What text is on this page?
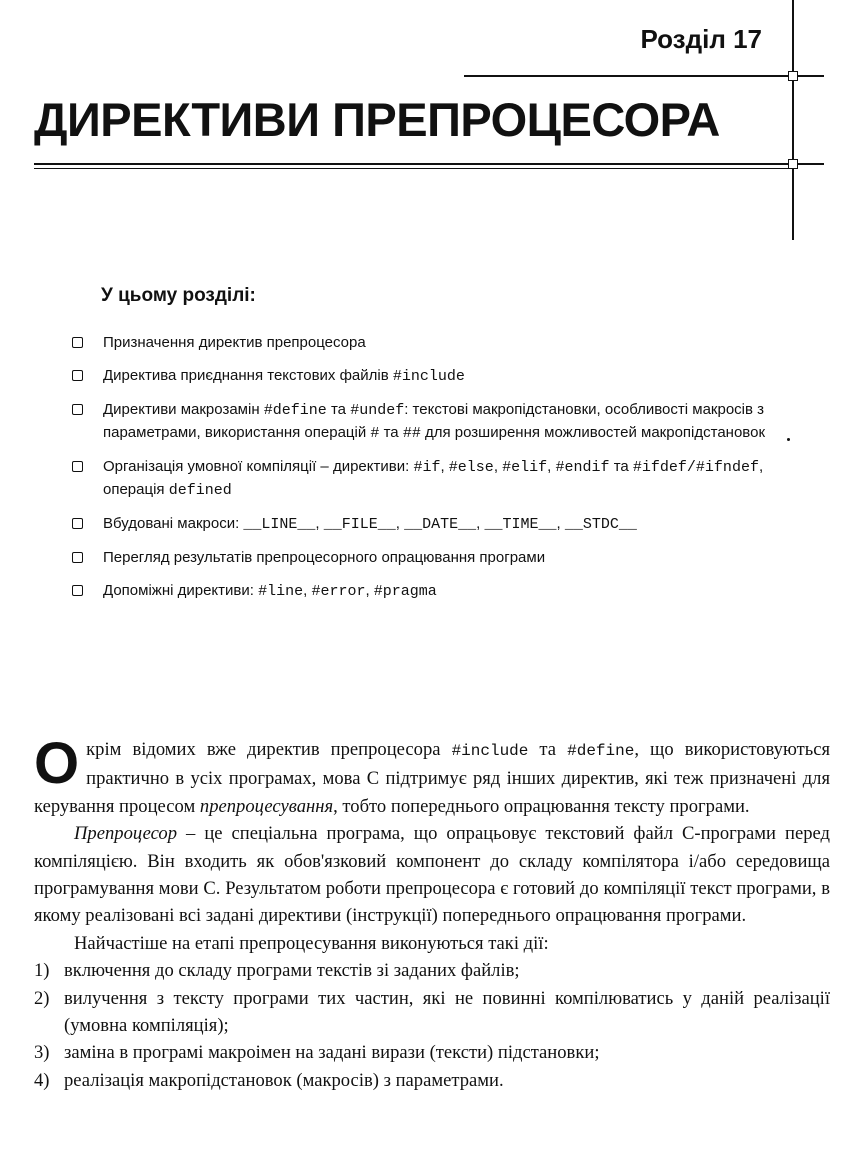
Розділ 17
ДИРЕКТИВИ ПРЕПРОЦЕСОРА
У цьому розділі:
Призначення директив препроцесора
Директива приєднання текстових файлів #include
Директиви макрозамін #define та #undef: текстові макропідстановки, особливості макросів з параметрами, використання операцій # та ## для розширення можливостей макропідстановок
Організація умовної компіляції – директиви: #if, #else, #elif, #endif та #ifdef/#ifndef, операція defined
Вбудовані макроси: __LINE__, __FILE__, __DATE__, __TIME__, __STDC__
Перегляд результатів препроцесорного опрацювання програми
Допоміжні директиви: #line, #error, #pragma

Окрім відомих вже директив препроцесора #include та #define, що використовуються практично в усіх програмах, мова С підтримує ряд інших директив, які теж призначені для керування процесом препроцесування, тобто попереднього опрацювання тексту програми.

Препроцесор – це спеціальна програма, що опрацьовує текстовий файл С-програми перед компіляцією. Він входить як обов'язковий компонент до складу компілятора і/або середовища програмування мови С. Результатом роботи препроцесора є готовий до компіляції текст програми, в якому реалізовані всі задані директиви (інструкції) попереднього опрацювання програми.

Найчастіше на етапі препроцесування виконуються такі дії:

1) включення до складу програми текстів зі заданих файлів;

2) вилучення з тексту програми тих частин, які не повинні компілюватись у даній реалізації (умовна компіляція);

3) заміна в програмі макроімен на задані вирази (тексти) підстановки;

4) реалізація макропідстановок (макросів) з параметрами.
